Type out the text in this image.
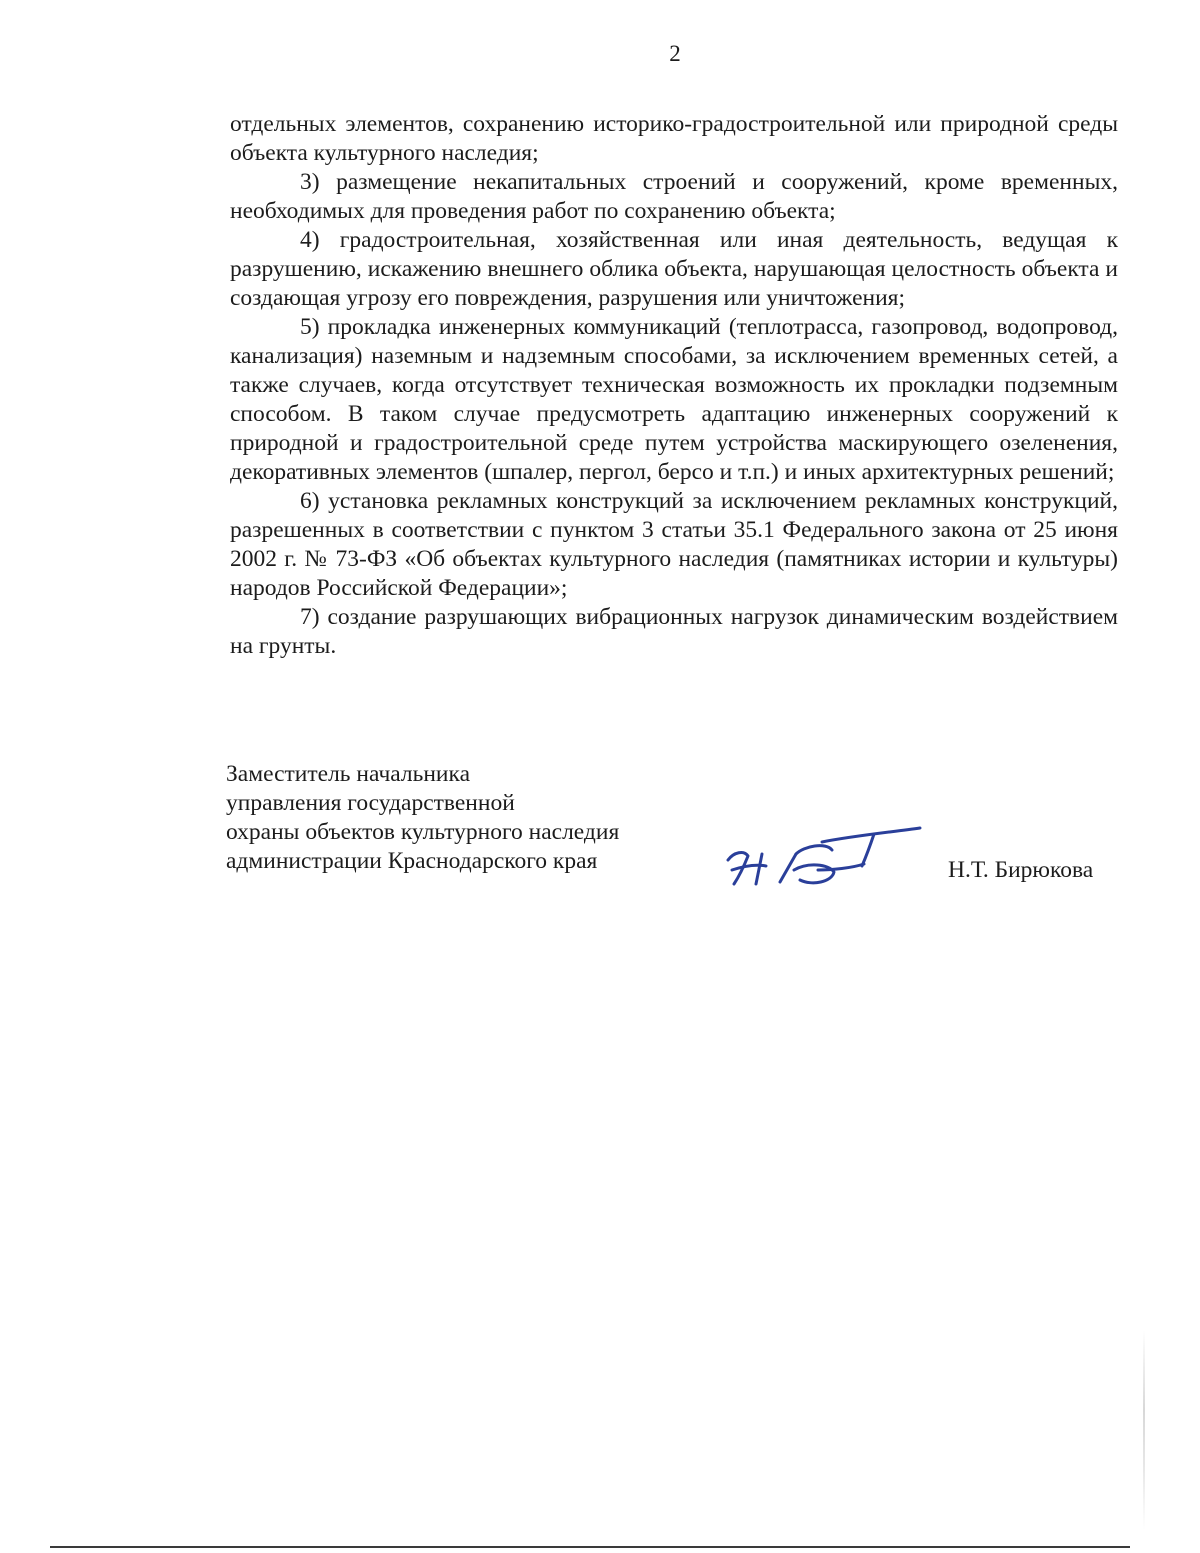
2

отдельных элементов, сохранению историко-градостроительной или природной среды объекта культурного наследия;

3) размещение некапитальных строений и сооружений, кроме временных, необходимых для проведения работ по сохранению объекта;

4) градостроительная, хозяйственная или иная деятельность, ведущая к разрушению, искажению внешнего облика объекта, нарушающая целостность объекта и создающая угрозу его повреждения, разрушения или уничтожения;

5) прокладка инженерных коммуникаций (теплотрасса, газопровод, водопровод, канализация) наземным и надземным способами, за исключением временных сетей, а также случаев, когда отсутствует техническая возможность их прокладки подземным способом. В таком случае предусмотреть адаптацию инженерных сооружений к природной и градостроительной среде путем устройства маскирующего озеленения, декоративных элементов (шпалер, пергол, берсо и т.п.) и иных архитектурных решений;

6) установка рекламных конструкций за исключением рекламных конструкций, разрешенных в соответствии с пунктом 3 статьи 35.1 Федерального закона от 25 июня 2002 г. № 73-ФЗ «Об объектах культурного наследия (памятниках истории и культуры) народов Российской Федерации»;

7) создание разрушающих вибрационных нагрузок динамическим воздействием на грунты.

Заместитель начальника
управления государственной
охраны объектов культурного наследия
администрации Краснодарского края	Н.Т. Бирюкова
